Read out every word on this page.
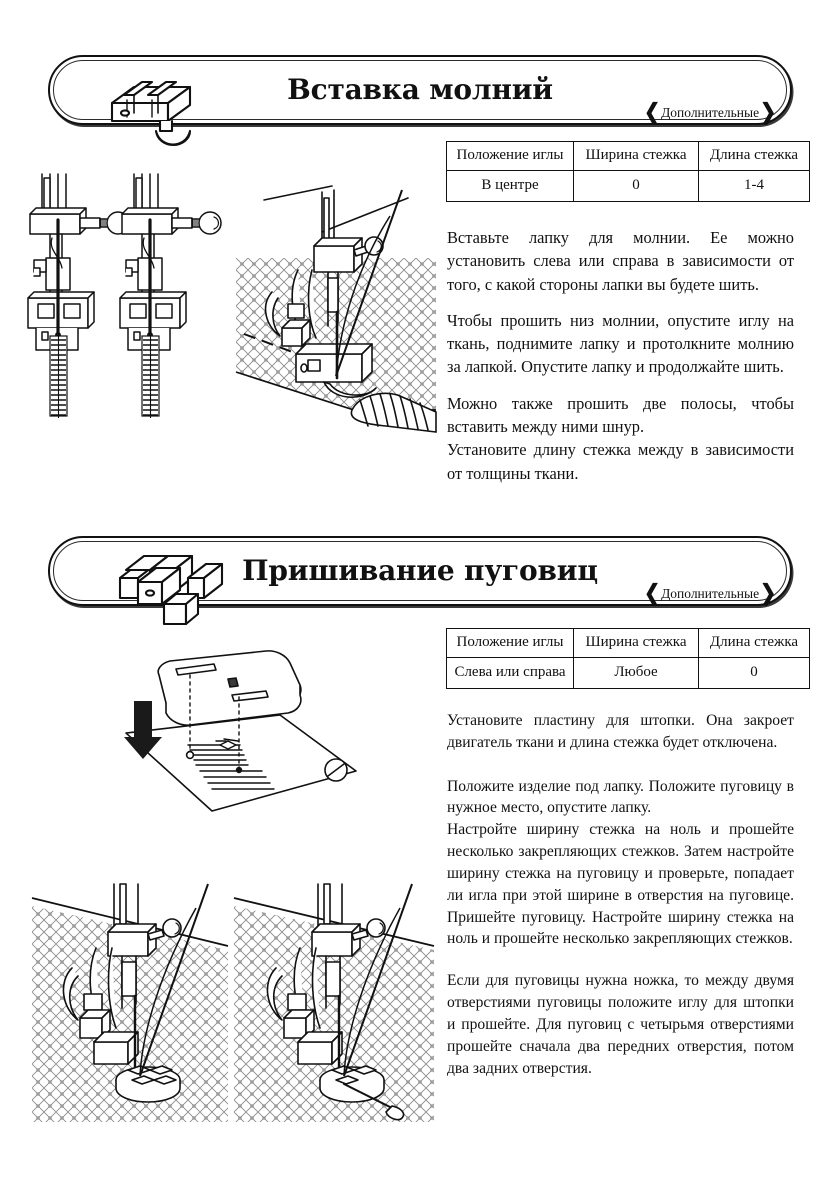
Вставка молний
❮ Дополнительные ❯
Положение иглы	Ширина стежка	Длина стежка
В центре	0	1-4

Вставьте лапку для молнии. Ее можно установить слева или справа в зависимости от того, с какой стороны лапки вы будете шить.

Чтобы прошить низ молнии, опустите иглу на ткань, поднимите лапку и протолкните молнию за лапкой. Опустите лапку и продолжайте шить.

Можно также прошить две полосы, чтобы вставить между ними шнур.

Установите длину стежка между в зависимости от толщины ткани.

Пришивание пуговиц
❮ Дополнительные ❯
Положение иглы	Ширина стежка	Длина стежка
Слева или справа	Любое	0

Установите пластину для штопки. Она закроет двигатель ткани и длина стежка будет отключена.

Положите изделие под лапку. Положите пуговицу в нужное место, опустите лапку.

Настройте ширину стежка на ноль и прошейте несколько закрепляющих стежков. Затем настройте ширину стежка на пуговицу и проверьте, попадает ли игла при этой ширине в отверстия на пуговице. Пришейте пуговицу. Настройте ширину стежка на ноль и прошейте несколько закрепляющих стежков.

Если для пуговицы нужна ножка, то между двумя отверстиями пуговицы положите иглу для штопки и прошейте. Для пуговиц с четырьмя отверстиями прошейте сначала два передних отверстия, потом два задних отверстия.
